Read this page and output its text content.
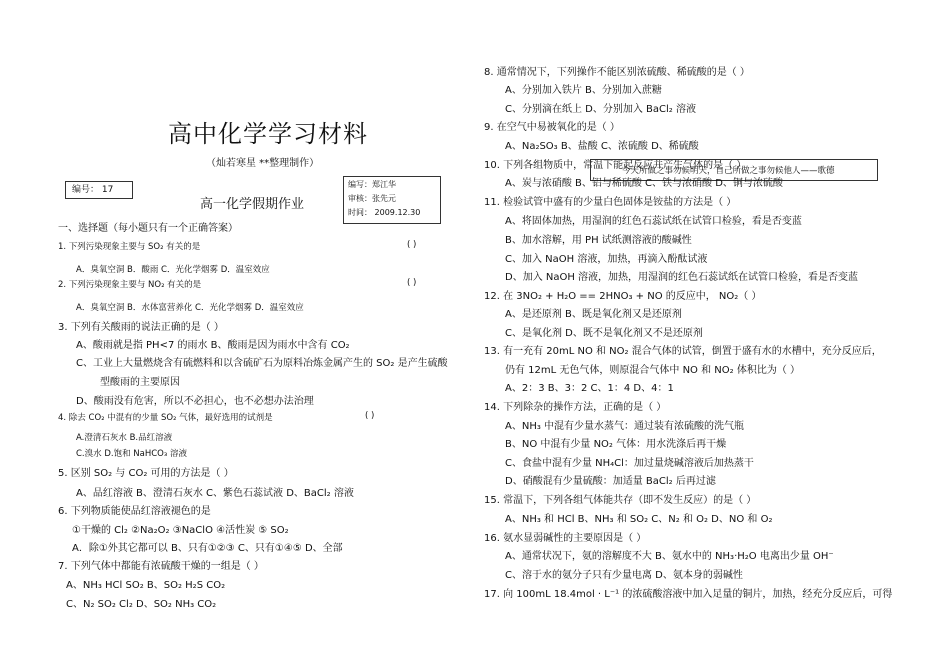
高中化学学习材料
（灿若寒星 **整理制作）
编号： 17
高一化学假期作业
编写：郑江华
审核：张先元
时间： 2009.12.30
一、选择题（每小题只有一个正确答案）
1. 下列污染现象主要与 SO₂ 有关的是	( )
A．臭氧空洞 B．酸雨 C．光化学烟雾 D．温室效应
2. 下列污染现象主要与 NO₂ 有关的是	( )
A．臭氧空洞 B．水体富营养化 C．光化学烟雾 D．温室效应
3. 下列有关酸雨的说法正确的是（ ）
A、酸雨就是指 PH<7 的雨水 B、酸雨是因为雨水中含有 CO₂
C、工业上大量燃烧含有硫燃料和以含硫矿石为原料冶炼金属产生的 SO₂ 是产生硫酸
型酸雨的主要原因
D、酸雨没有危害，所以不必担心，也不必想办法治理
4. 除去 CO₂ 中混有的少量 SO₂ 气体，最好选用的试剂是	( )
A.澄清石灰水 B.品红溶液
C.溴水 D.饱和 NaHCO₃ 溶液
5. 区别 SO₂ 与 CO₂ 可用的方法是（ ）
A、品红溶液 B、澄清石灰水 C、紫色石蕊试液 D、BaCl₂ 溶液
6. 下列物质能使品红溶液褪色的是
①干燥的 Cl₂ ②Na₂O₂ ③NaClO ④活性炭 ⑤ SO₂
A．除①外其它都可以 B、只有①②③ C、只有①④⑤ D、全部
7. 下列气体中都能有浓硫酸干燥的一组是（ ）
A、NH₃ HCl SO₂ B、SO₂ H₂S CO₂
C、N₂ SO₂ Cl₂ D、SO₂ NH₃ CO₂
8. 通常情况下，下列操作不能区别浓硫酸、稀硫酸的是（ ）
A、分别加入铁片 B、分别加入蔗糖
C、分别滴在纸上 D、分别加入 BaCl₂ 溶液
9. 在空气中易被氧化的是（ ）
A、Na₂SO₃ B、盐酸 C、浓硫酸 D、稀硫酸
10. 下列各组物质中，常温下能起反应并产生气体的是（ ）
今天所做之事勿候明天，自己所做之事勿候他人——歌德
A、炭与浓硝酸 B、铝与稀硫酸 C、铁与浓硝酸 D、铜与浓硫酸
11. 检验试管中盛有的少量白色固体是铵盐的方法是（ ）
A、将固体加热，用湿润的红色石蕊试纸在试管口检验，看是否变蓝
B、加水溶解，用 PH 试纸测溶液的酸碱性
C、加入 NaOH 溶液，加热，再滴入酚酞试液
D、加入 NaOH 溶液，加热，用湿润的红色石蕊试纸在试管口检验，看是否变蓝
12. 在 3NO₂ + H₂O == 2HNO₃ + NO 的反应中， NO₂（ ）
A、是还原剂 B、既是氧化剂又是还原剂
C、是氧化剂 D、既不是氧化剂又不是还原剂
13. 有一充有 20mL NO 和 NO₂ 混合气体的试管，倒置于盛有水的水槽中，充分反应后，
仍有 12mL 无色气体，则原混合气体中 NO 和 NO₂ 体积比为（ ）
A、2：3 B、3：2 C、1：4 D、4：1
14. 下列除杂的操作方法，正确的是（ ）
A、NH₃ 中混有少量水蒸气：通过装有浓硫酸的洗气瓶
B、NO 中混有少量 NO₂ 气体：用水洗涤后再干燥
C、食盐中混有少量 NH₄Cl：加过量烧碱溶液后加热蒸干
D、硝酸混有少量硫酸：加适量 BaCl₂ 后再过滤
15. 常温下，下列各组气体能共存（即不发生反应）的是（ ）
A、NH₃ 和 HCl B、NH₃ 和 SO₂ C、N₂ 和 O₂ D、NO 和 O₂
16. 氨水显弱碱性的主要原因是（ ）
A、通常状况下，氨的溶解度不大 B、氨水中的 NH₃·H₂O 电离出少量 OH⁻
C、溶于水的氨分子只有少量电离 D、氨本身的弱碱性
17. 向 100mL 18.4mol · L⁻¹ 的浓硫酸溶液中加入足量的铜片，加热，经充分反应后，可得
